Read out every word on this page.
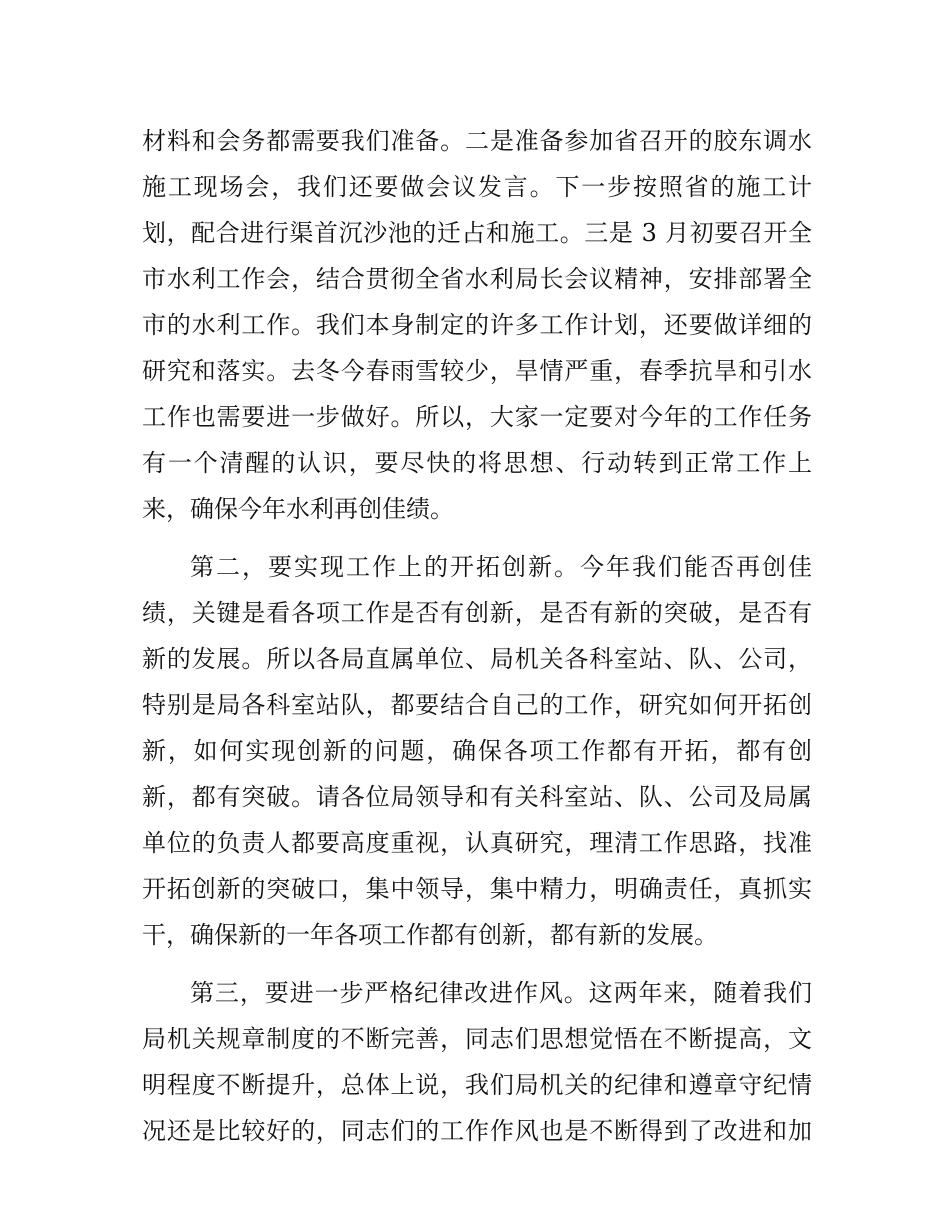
材料和会务都需要我们准备。二是准备参加省召开的胶东调水
施工现场会，我们还要做会议发言。下一步按照省的施工计
划，配合进行渠首沉沙池的迁占和施工。三是 3 月初要召开全
市水利工作会，结合贯彻全省水利局长会议精神，安排部署全
市的水利工作。我们本身制定的许多工作计划，还要做详细的
研究和落实。去冬今春雨雪较少，旱情严重，春季抗旱和引水
工作也需要进一步做好。所以，大家一定要对今年的工作任务
有一个清醒的认识，要尽快的将思想、行动转到正常工作上
来，确保今年水利再创佳绩。
第二，要实现工作上的开拓创新。今年我们能否再创佳
绩，关键是看各项工作是否有创新，是否有新的突破，是否有
新的发展。所以各局直属单位、局机关各科室站、队、公司，
特别是局各科室站队，都要结合自己的工作，研究如何开拓创
新，如何实现创新的问题，确保各项工作都有开拓，都有创
新，都有突破。请各位局领导和有关科室站、队、公司及局属
单位的负责人都要高度重视，认真研究，理清工作思路，找准
开拓创新的突破口，集中领导，集中精力，明确责任，真抓实
干，确保新的一年各项工作都有创新，都有新的发展。
第三，要进一步严格纪律改进作风。这两年来，随着我们
局机关规章制度的不断完善，同志们思想觉悟在不断提高，文
明程度不断提升，总体上说，我们局机关的纪律和遵章守纪情
况还是比较好的，同志们的工作作风也是不断得到了改进和加
